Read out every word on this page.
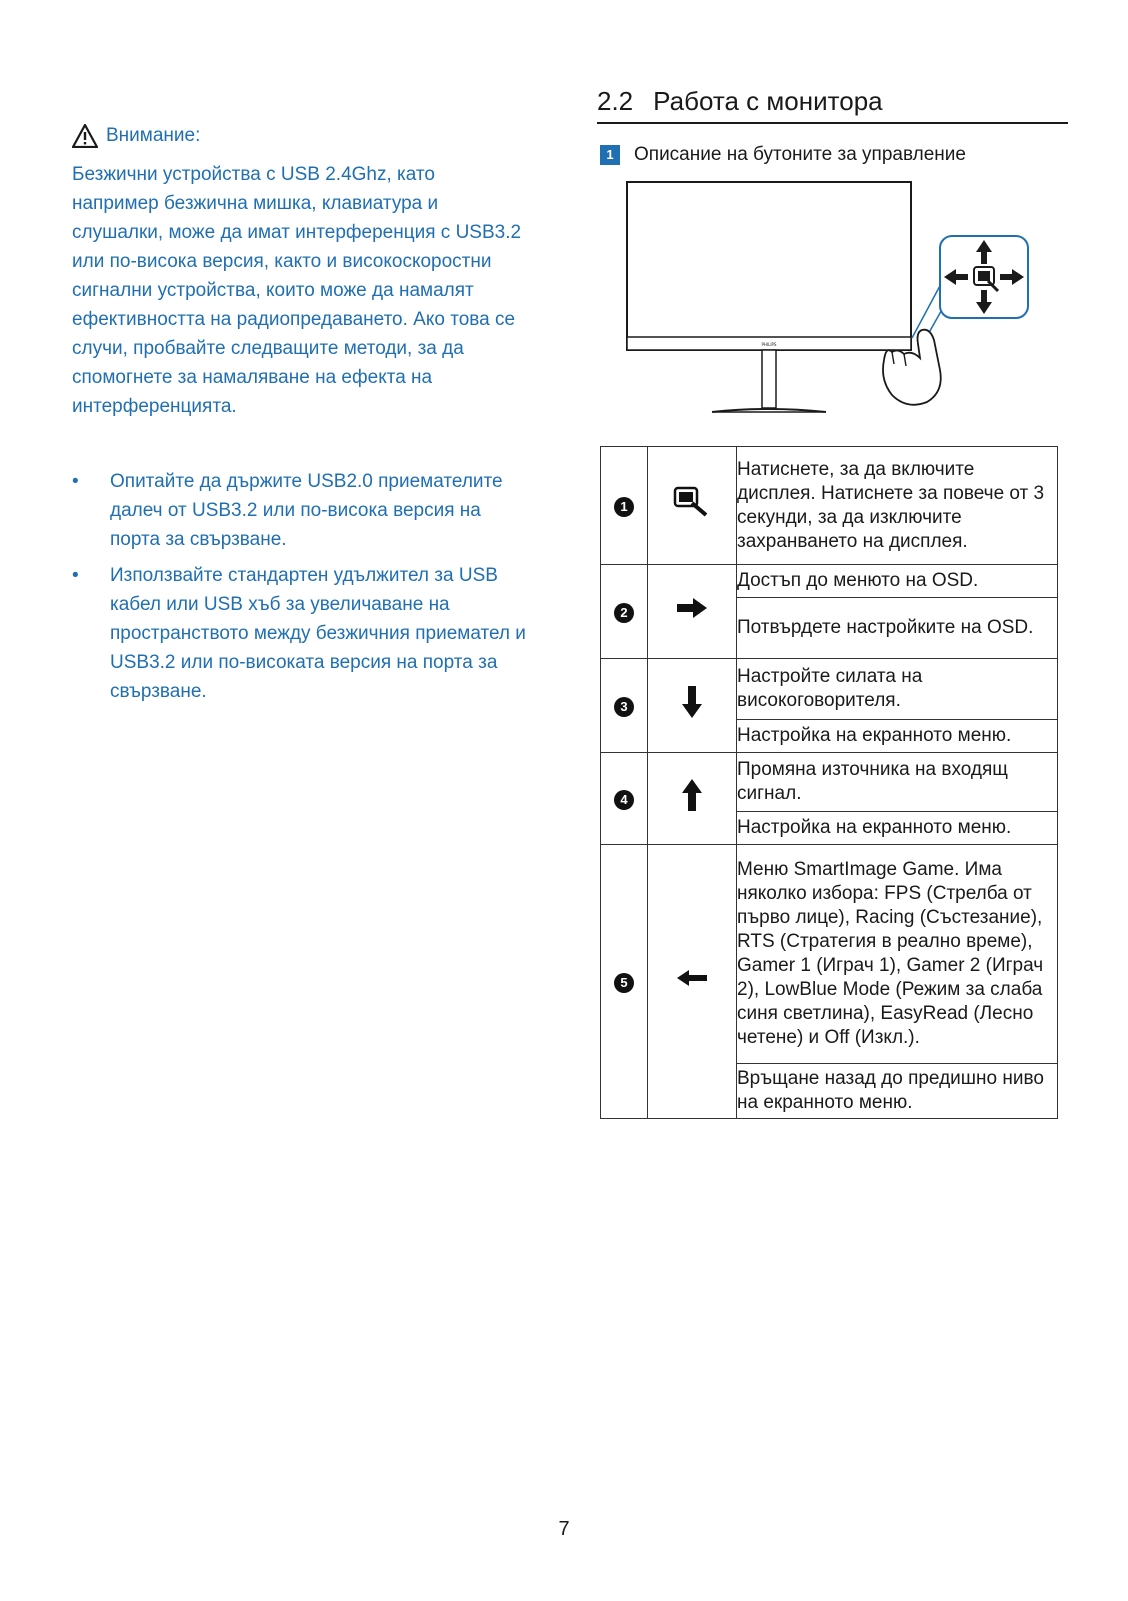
Внимание:

Безжични устройства с USB 2.4Ghz, като например безжична мишка, клавиатура и слушалки, може да имат интерференция с USB3.2 или по-висока версия, както и високоскоростни сигнални устройства, които може да намалят ефективността на радиопредаването. Ако това се случи, пробвайте следващите методи, за да спомогнете за намаляване на ефекта на интерференцията.

• Опитайте да държите USB2.0 приемателите далеч от USB3.2 или по-висока версия на порта за свързване.
• Използвайте стандартен удължител за USB кабел или USB хъб за увеличаване на пространството между безжичния приемател и USB3.2 или по-високата версия на порта за свързване.
2.2 Работа с монитора
1	Описание на бутоните за управление
PHILIPS
1		Натиснете, за да включите дисплея. Натиснете за повече от 3 секунди, за да изключите захранването на дисплея.
2		Достъп до менюто на OSD.
		Потвърдете настройките на OSD.
3		Настройте силата на високоговорителя.
		Настройка на екранното меню.
4		Промяна източника на входящ сигнал.
		Настройка на екранното меню.
5		Меню SmartImage Game. Има няколко избора: FPS (Стрелба от първо лице), Racing (Състезание), RTS (Стратегия в реално време), Gamer 1 (Играч 1), Gamer 2 (Играч 2), LowBlue Mode (Режим за слаба синя светлина), EasyRead (Лесно четене) и Off (Изкл.).
		Връщане назад до предишно ниво на екранното меню.
7
